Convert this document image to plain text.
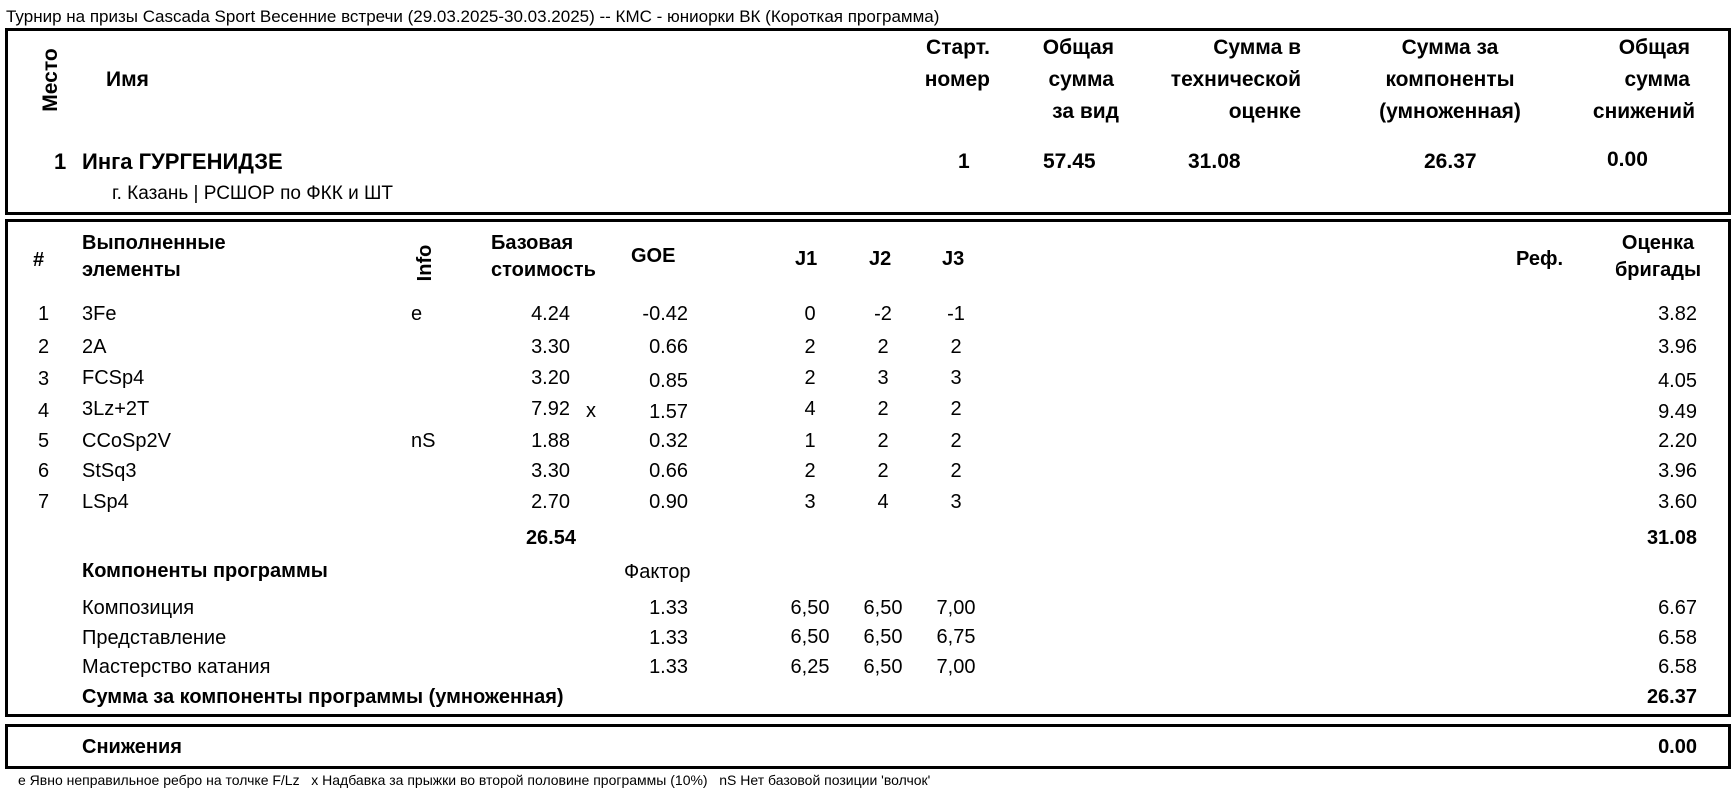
Турнир на призы Cascada Sport Весенние встречи (29.03.2025-30.03.2025) -- КМС - юниорки ВК (Короткая программа)
Место Имя
Старт.
номер
Общая
сумма
за вид
Сумма в
технической
оценке
Сумма за
компоненты
(умноженная)
Общая
сумма
снижений
1 Инга ГУРГЕНИДЗЕ
г. Казань | РСШОР по ФКК и ШТ
1	57.45	31.08	26.37	0.00
#
Выполненные
элементы	Info
Базовая
стоимость
GOE	J1	J2	J3	Реф.
Оценка
бригады
1 3Fe	e	4.24	-0.42	0	-2	-1	3.82
2 2A	3.30	0.66	2	2	2	3.96
3 FCSp4	3.20	0.85	2	3	3	4.05
4 3Lz+2T	7.92 x	1.57	4	2	2	9.49
5 CCoSp2V	nS	1.88	0.32	1	2	2	2.20
6 StSq3	3.30	0.66	2	2	2	3.96
7 LSp4	2.70	0.90	3	4	3	3.60
26.54	31.08
Компоненты программы	Фактор
Композиция	1.33	6,50	6,50	7,00	6.67
Представление	1.33	6,50	6,50	6,75	6.58
Мастерство катания	1.33	6,25	6,50	7,00	6.58
Сумма за компоненты программы (умноженная)	26.37
Снижения	0.00
e Явно неправильное ребро на толчке F/Lz   x Надбавка за прыжки во второй половине программы (10%)   nS Нет базовой позиции 'волчок'
